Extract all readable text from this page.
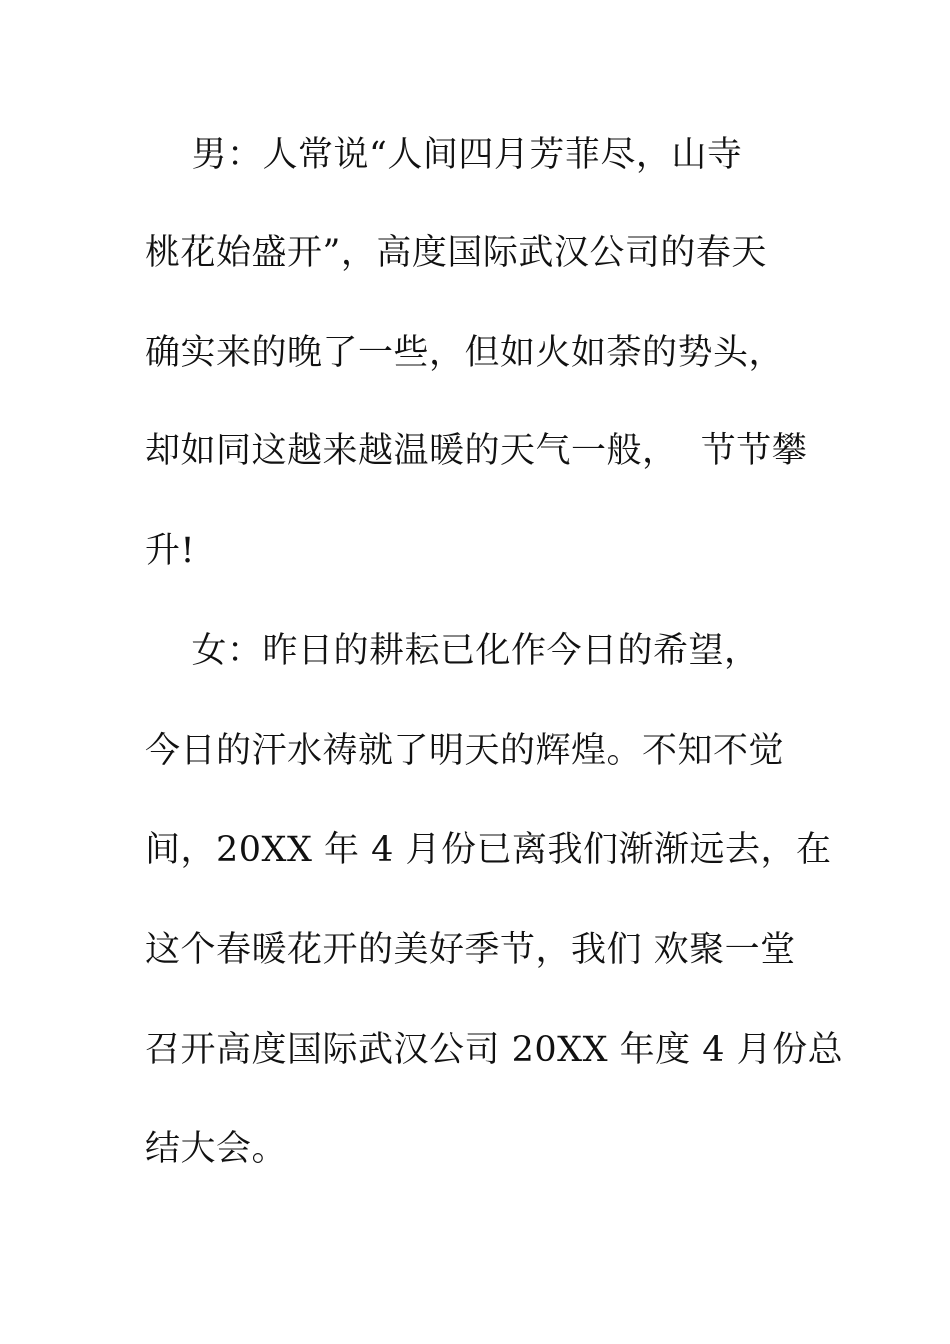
男：人常说“人间四月芳菲尽，山寺
桃花始盛开”，高度国际武汉公司的春天
确实来的晚了一些，但如火如荼的势头，
却如同这越来越温暖的天气一般，  节节攀
升!
女：昨日的耕耘已化作今日的希望，
今日的汗水祷就了明天的辉煌。不知不觉
间，20XX 年 4 月份已离我们渐渐远去，在
这个春暖花开的美好季节，我们 欢聚一堂
召开高度国际武汉公司 20XX 年度 4 月份总
结大会。
